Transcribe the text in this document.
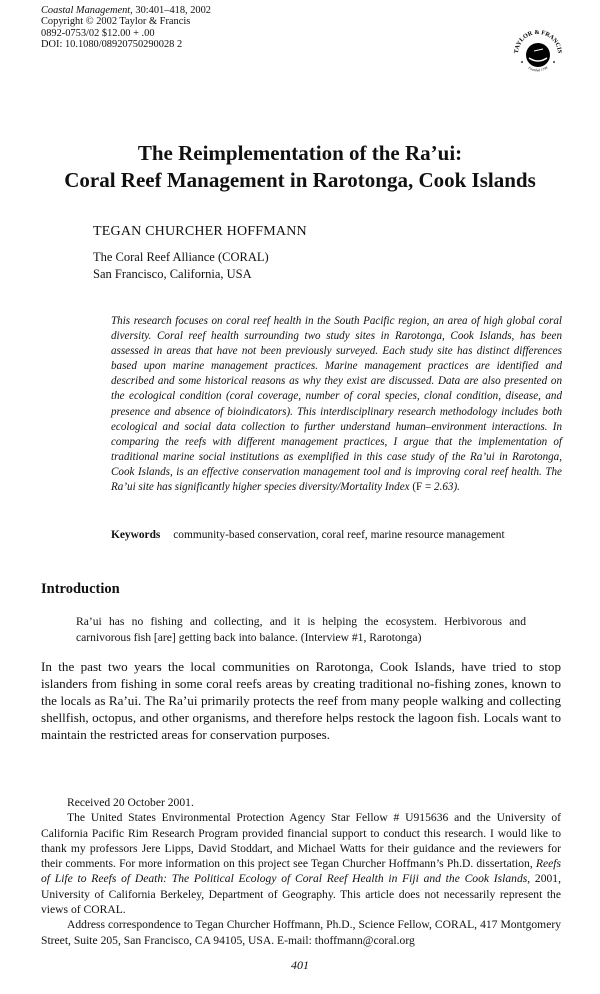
Coastal Management, 30:401–418, 2002
Copyright © 2002 Taylor & Francis
0892-0753/02 $12.00 + .00
DOI: 10.1080/08920750290028 2
TAYLOR & FRANCIS
Founded 1798
The Reimplementation of the Ra’ui:
Coral Reef Management in Rarotonga, Cook Islands
TEGAN CHURCHER HOFFMANN
The Coral Reef Alliance (CORAL)
San Francisco, California, USA
This research focuses on coral reef health in the South Pacific region, an area of high global coral diversity. Coral reef health surrounding two study sites in Rarotonga, Cook Islands, has been assessed in areas that have not been previously surveyed. Each study site has distinct differences based upon marine management practices. Marine management practices are identified and described and some historical reasons as why they exist are discussed. Data are also presented on the ecological condition (coral coverage, number of coral species, clonal condition, disease, and presence and absence of bioindicators). This interdisciplinary research methodology includes both ecological and social data collection to further understand human–environment interactions. In comparing the reefs with different management practices, I argue that the implementation of traditional marine social institutions as exemplified in this case study of the Ra’ui in Rarotonga, Cook Islands, is an effective conservation management tool and is improving coral reef health. The Ra’ui site has significantly higher species diversity/Mortality Index (F = 2.63).
Keywords community-based conservation, coral reef, marine resource management
Introduction
Ra’ui has no fishing and collecting, and it is helping the ecosystem. Herbivorous and carnivorous fish [are] getting back into balance. (Interview #1, Rarotonga)
In the past two years the local communities on Rarotonga, Cook Islands, have tried to stop islanders from fishing in some coral reefs areas by creating traditional no-fishing zones, known to the locals as Ra’ui. The Ra’ui primarily protects the reef from many people walking and collecting shellfish, octopus, and other organisms, and therefore helps restock the lagoon fish. Locals want to maintain the restricted areas for conservation purposes.

Received 20 October 2001.

The United States Environmental Protection Agency Star Fellow # U915636 and the University of California Pacific Rim Research Program provided financial support to conduct this research. I would like to thank my professors Jere Lipps, David Stoddart, and Michael Watts for their guidance and the reviewers for their comments. For more information on this project see Tegan Churcher Hoffmann’s Ph.D. dissertation, Reefs of Life to Reefs of Death: The Political Ecology of Coral Reef Health in Fiji and the Cook Islands, 2001, University of California Berkeley, Department of Geography. This article does not necessarily represent the views of CORAL.

Address correspondence to Tegan Churcher Hoffmann, Ph.D., Science Fellow, CORAL, 417 Montgomery Street, Suite 205, San Francisco, CA 94105, USA. E-mail: thoffmann@coral.org

401
